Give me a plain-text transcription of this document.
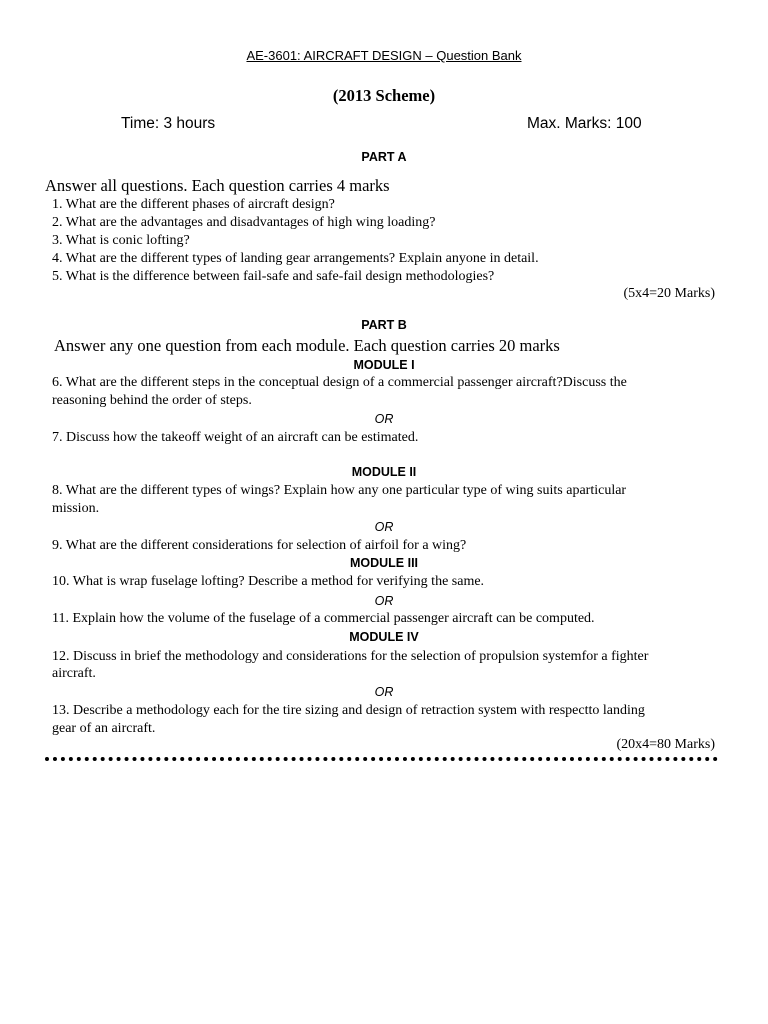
AE-3601: AIRCRAFT DESIGN – Question Bank
(2013 Scheme)
Time: 3 hours	Max. Marks: 100
PART A
Answer all questions. Each question carries 4 marks
1. What are the different phases of aircraft design?
2. What are the advantages and disadvantages of high wing loading?
3. What is conic lofting?
4. What are the different types of landing gear arrangements? Explain anyone in detail.
5. What is the difference between fail-safe and safe-fail design methodologies?
(5x4=20 Marks)
PART B
Answer any one question from each module. Each question carries 20 marks
MODULE I
6. What are the different steps in the conceptual design of a commercial passenger aircraft?Discuss the
reasoning behind the order of steps.
OR
7. Discuss how the takeoff weight of an aircraft can be estimated.
MODULE II
8. What are the different types of wings? Explain how any one particular type of wing suits aparticular
mission.
OR
9. What are the different considerations for selection of airfoil for a wing?
MODULE III
10. What is wrap fuselage lofting? Describe a method for verifying the same.
OR
11. Explain how the volume of the fuselage of a commercial passenger aircraft can be computed.
MODULE IV
12. Discuss in brief the methodology and considerations for the selection of propulsion systemfor a fighter
aircraft.
OR
13. Describe a methodology each for the tire sizing and design of retraction system with respectto landing
gear of an aircraft.
(20x4=80 Marks)
